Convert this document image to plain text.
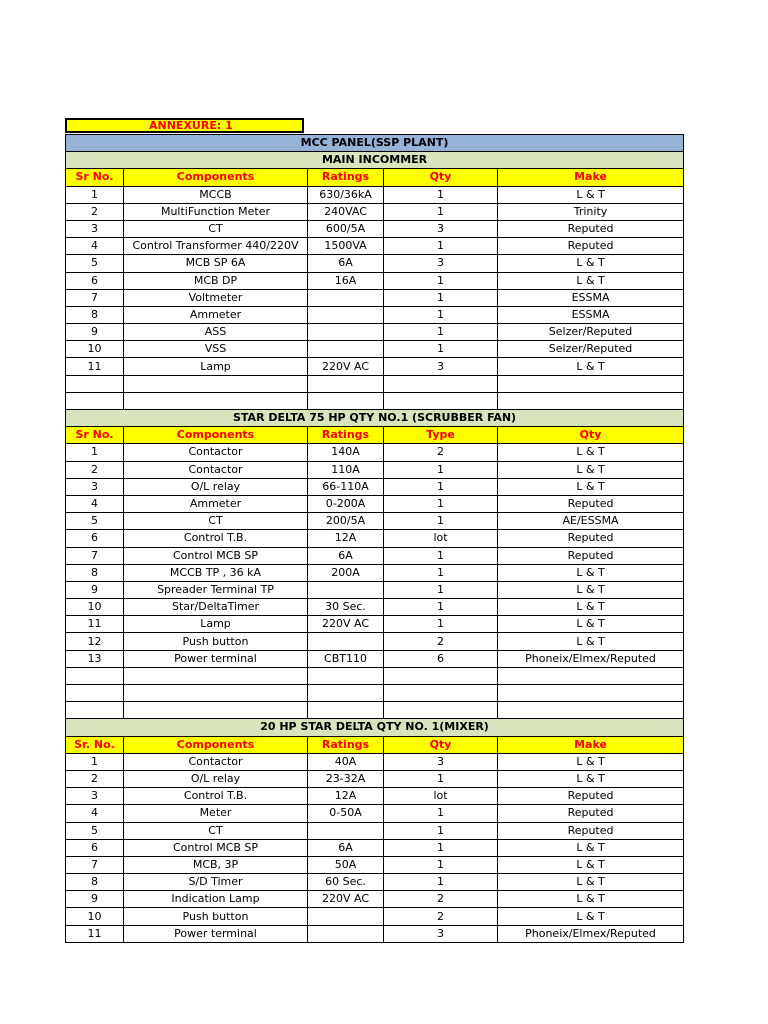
ANNEXURE: 1
MCC PANEL(SSP PLANT)				
MAIN INCOMMER				
Sr No.	Components	Ratings	Qty	Make
1	MCCB	630/36kA	1	L & T
2	MultiFunction Meter	240VAC	1	Trinity
3	CT	600/5A	3	Reputed
4	Control Transformer 440/220V	1500VA	1	Reputed
5	MCB SP 6A	6A	3	L & T
6	MCB DP	16A	1	L & T
7	Voltmeter		1	ESSMA
8	Ammeter		1	ESSMA
9	ASS		1	Selzer/Reputed
10	VSS		1	Selzer/Reputed
11	Lamp	220V AC	3	L & T

STAR DELTA 75 HP QTY NO.1 (SCRUBBER FAN)				
Sr No.	Components	Ratings	Type	Qty
1	Contactor	140A	2	L & T
2	Contactor	110A	1	L & T
3	O/L relay	66-110A	1	L & T
4	Ammeter	0-200A	1	Reputed
5	CT	200/5A	1	AE/ESSMA
6	Control T.B.	12A	lot	Reputed
7	Control MCB SP	6A	1	Reputed
8	MCCB TP , 36 kA	200A	1	L & T
9	Spreader Terminal TP		1	L & T
10	Star/DeltaTimer	30 Sec.	1	L & T
11	Lamp	220V AC	1	L & T
12	Push button		2	L & T
13	Power terminal	CBT110	6	Phoneix/Elmex/Reputed

20 HP STAR DELTA QTY NO. 1(MIXER)				
Sr. No.	Components	Ratings	Qty	Make
1	Contactor	40A	3	L & T
2	O/L relay	23-32A	1	L & T
3	Control T.B.	12A	lot	Reputed
4	Meter	0-50A	1	Reputed
5	CT		1	Reputed
6	Control MCB SP	6A	1	L & T
7	MCB, 3P	50A	1	L & T
8	S/D Timer	60 Sec.	1	L & T
9	Indication Lamp	220V AC	2	L & T
10	Push button		2	L & T
11	Power terminal		3	Phoneix/Elmex/Reputed
